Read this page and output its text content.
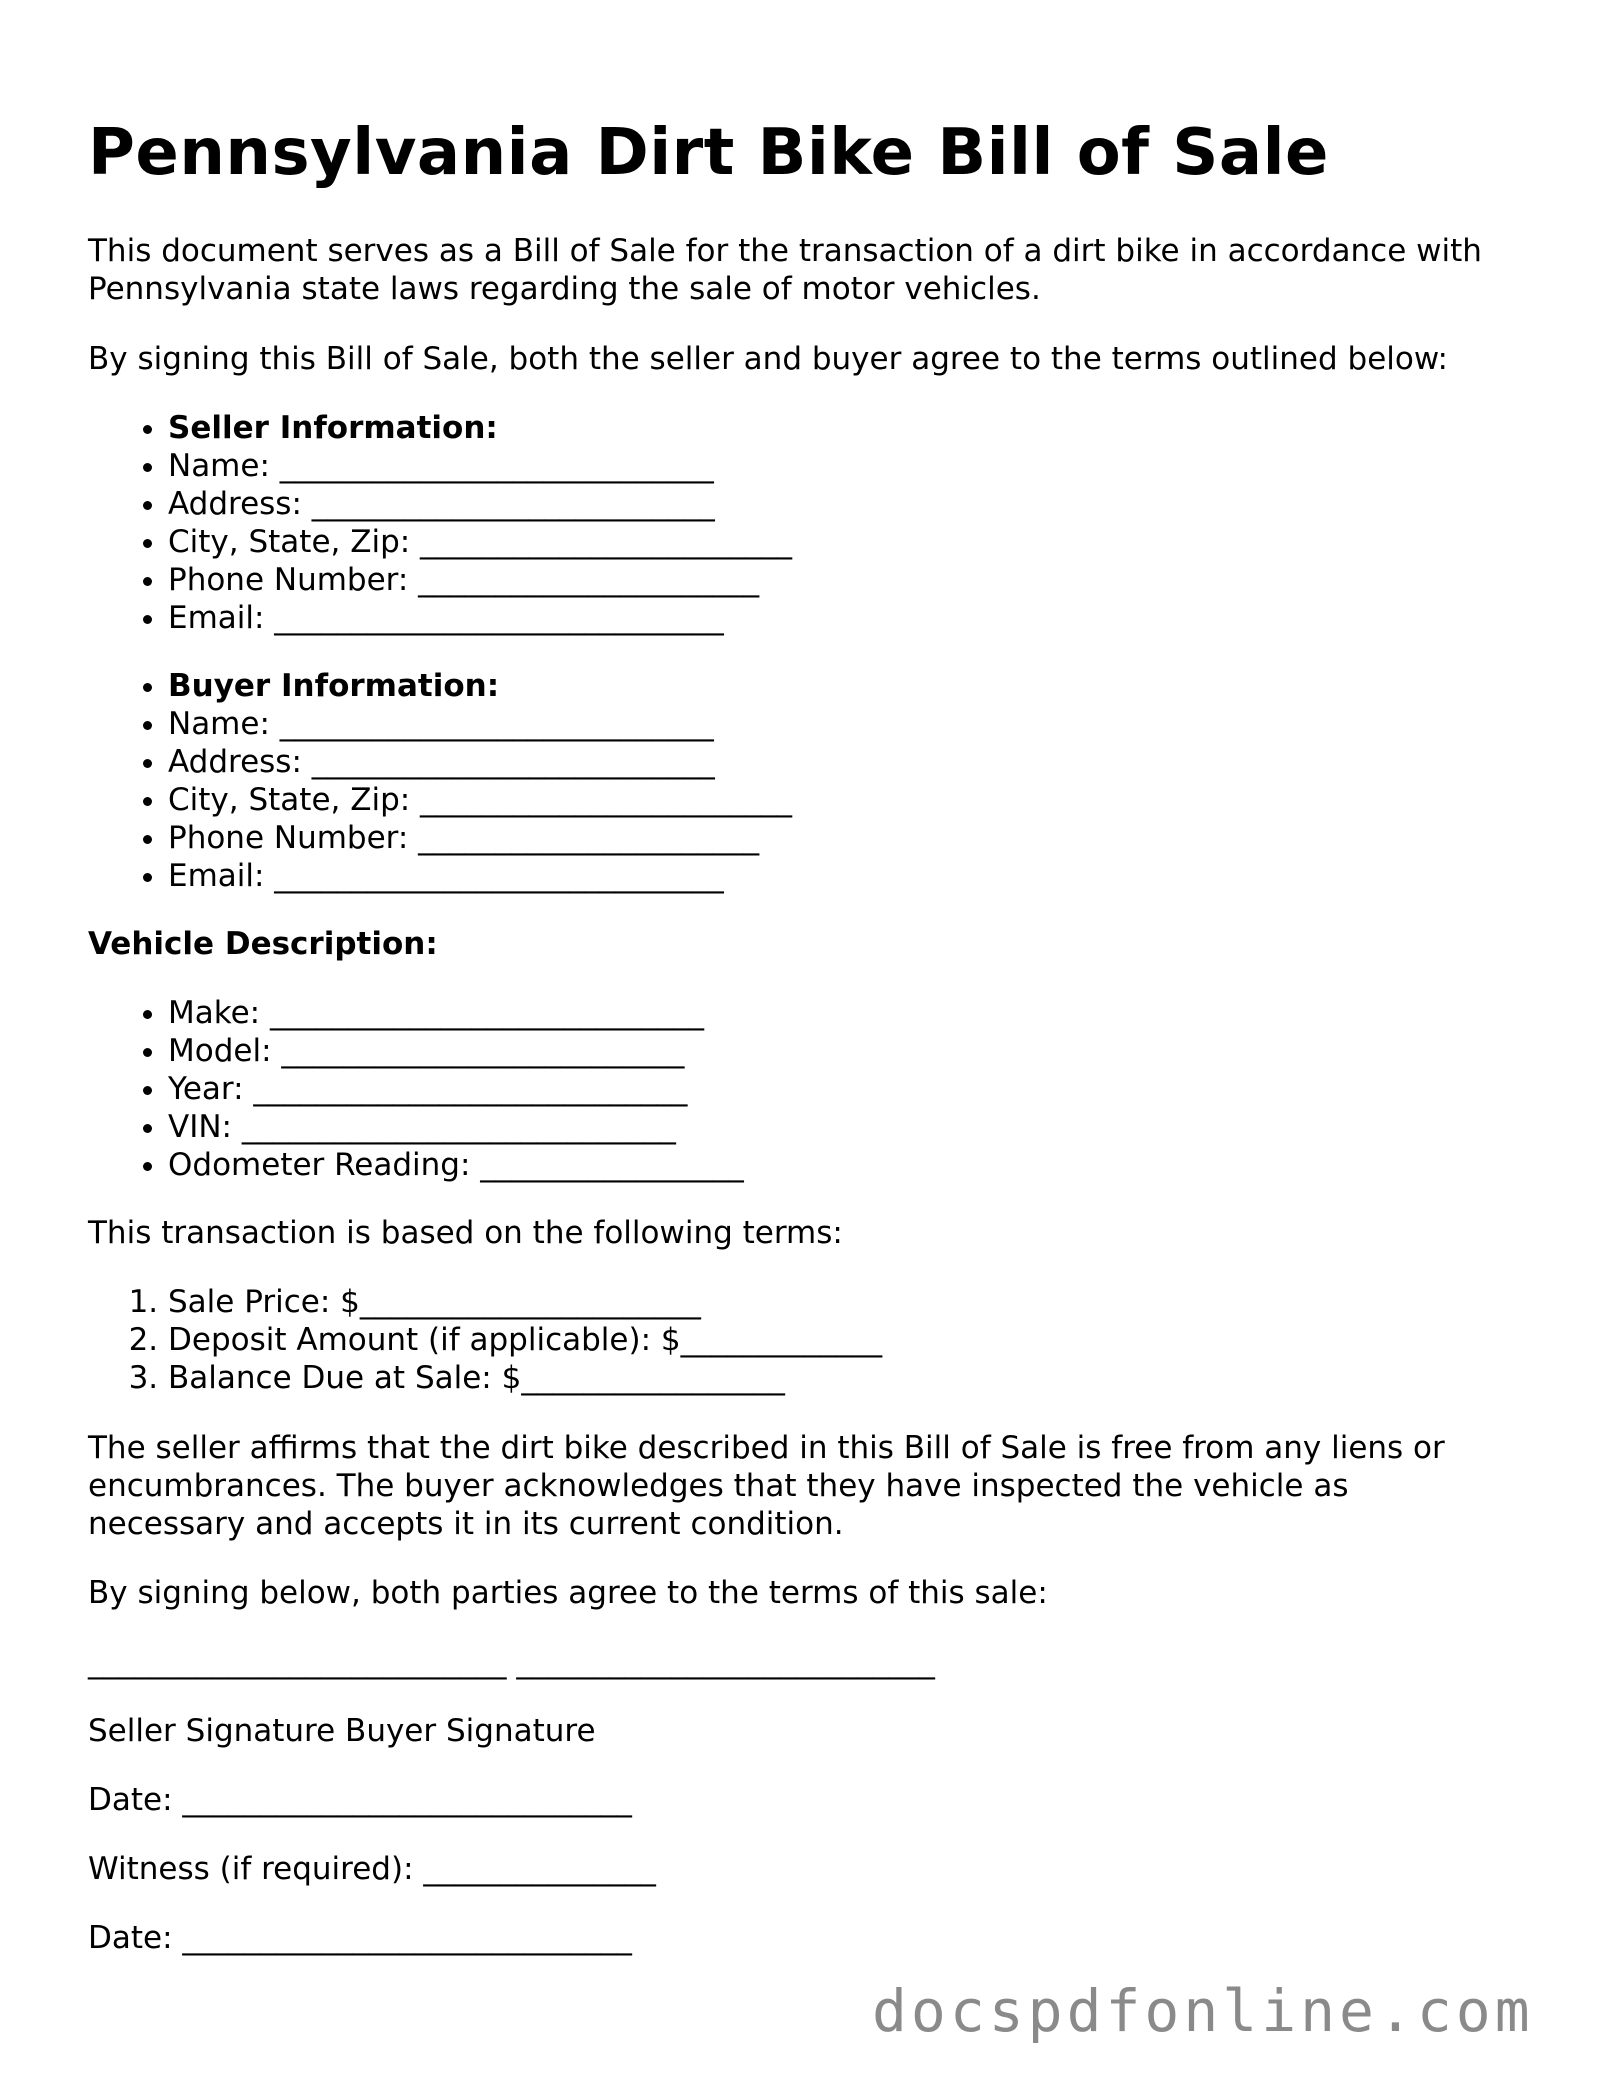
Pennsylvania Dirt Bike Bill of Sale

This document serves as a Bill of Sale for the transaction of a dirt bike in accordance with

Pennsylvania state laws regarding the sale of motor vehicles.

By signing this Bill of Sale, both the seller and buyer agree to the terms outlined below:

• Seller Information:
• Name: ____________________________
• Address: __________________________
• City, State, Zip: ________________________
• Phone Number: ______________________
• Email: _____________________________
• Buyer Information:
• Name: ____________________________
• Address: __________________________
• City, State, Zip: ________________________
• Phone Number: ______________________
• Email: _____________________________

Vehicle Description:

• Make: ____________________________
• Model: __________________________
• Year: ____________________________
• VIN: ____________________________
• Odometer Reading: _________________

This transaction is based on the following terms:

1. Sale Price: $______________________
2. Deposit Amount (if applicable): $_____________
3. Balance Due at Sale: $_________________

The seller affirms that the dirt bike described in this Bill of Sale is free from any liens or

encumbrances. The buyer acknowledges that they have inspected the vehicle as

necessary and accepts it in its current condition.

By signing below, both parties agree to the terms of this sale:

___________________________ ___________________________

Seller Signature Buyer Signature

Date: _____________________________

Witness (if required): _______________

Date: _____________________________

docspdfonline.com
